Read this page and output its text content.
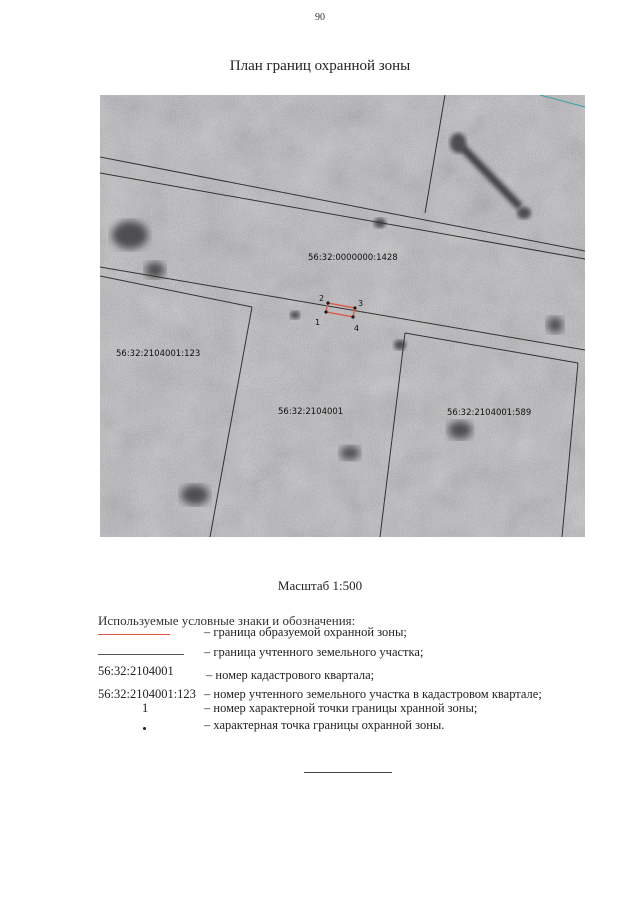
90
План границ охранной зоны
2
3
1
4
56:32:0000000:1428
56:32:2104001:123
56:32:2104001	56:32:2104001:589
Масштаб 1:500
Используемые условные знаки и обозначения:
– граница образуемой охранной зоны;
– граница учтенного земельного участка;
56:32:2104001	– номер кадастрового квартала;
56:32:2104001:123 – номер учтенного земельного участка в кадастровом квартале;
1	– номер характерной точки границы хранной зоны;
– характерная точка границы охранной зоны.
